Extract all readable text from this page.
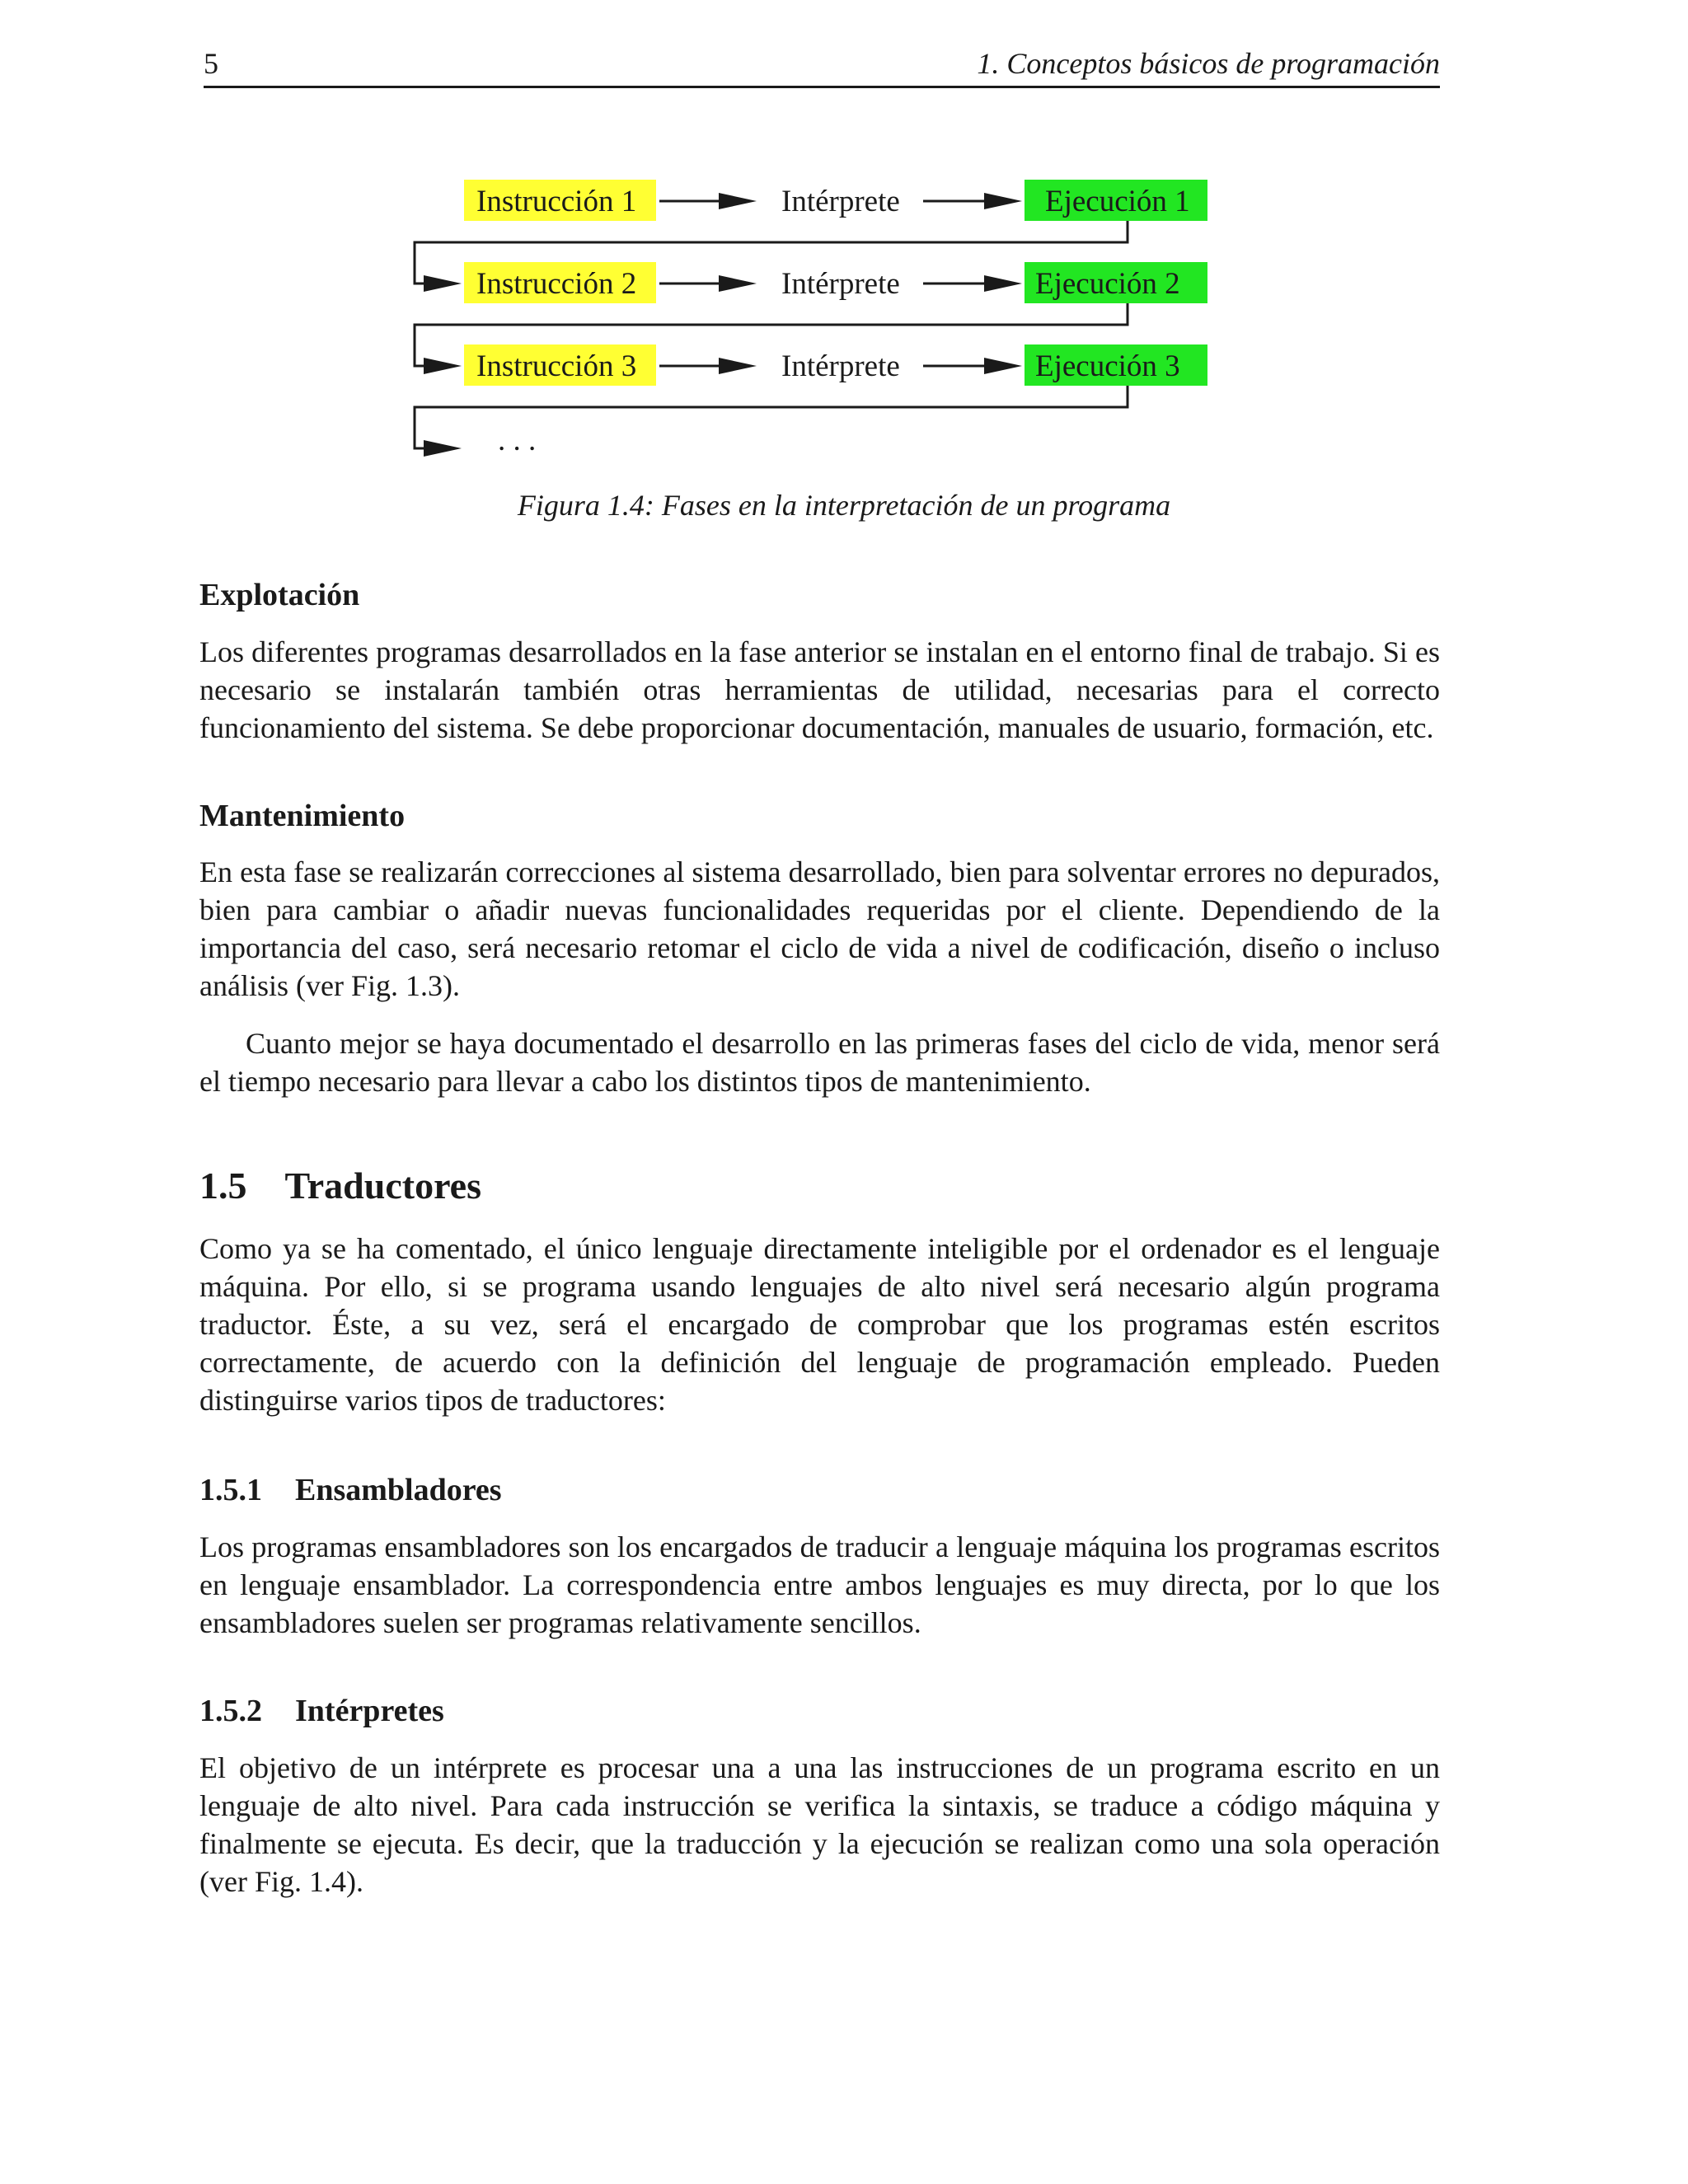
5	1. Conceptos básicos de programación
Instrucción 1	Intérprete	Ejecución 1
Instrucción 2	Intérprete	Ejecución 2
Instrucción 3	Intérprete	Ejecución 3
. . .
Figura 1.4: Fases en la interpretación de un programa
Explotación

Los diferentes programas desarrollados en la fase anterior se instalan en el entorno final de trabajo. Si es necesario se instalarán también otras herramientas de utilidad, necesarias para el correcto funcionamiento del sistema. Se debe proporcionar documentación, manuales de usuario, formación, etc.

Mantenimiento

En esta fase se realizarán correcciones al sistema desarrollado, bien para solventar errores no depurados, bien para cambiar o añadir nuevas funcionalidades requeridas por el cliente. Dependiendo de la importancia del caso, será necesario retomar el ciclo de vida a nivel de codificación, diseño o incluso análisis (ver Fig. 1.3).

Cuanto mejor se haya documentado el desarrollo en las primeras fases del ciclo de vida, menor será el tiempo necesario para llevar a cabo los distintos tipos de mantenimiento.

1.5 Traductores

Como ya se ha comentado, el único lenguaje directamente inteligible por el ordenador es el lenguaje máquina. Por ello, si se programa usando lenguajes de alto nivel será necesario algún programa traductor. Éste, a su vez, será el encargado de comprobar que los programas estén escritos correctamente, de acuerdo con la definición del lenguaje de programación empleado. Pueden distinguirse varios tipos de traductores:

1.5.1 Ensambladores

Los programas ensambladores son los encargados de traducir a lenguaje máquina los programas escritos en lenguaje ensamblador. La correspondencia entre ambos lenguajes es muy directa, por lo que los ensambladores suelen ser programas relativamente sencillos.

1.5.2 Intérpretes

El objetivo de un intérprete es procesar una a una las instrucciones de un programa escrito en un lenguaje de alto nivel. Para cada instrucción se verifica la sintaxis, se traduce a código máquina y finalmente se ejecuta. Es decir, que la traducción y la ejecución se realizan como una sola operación (ver Fig. 1.4).
